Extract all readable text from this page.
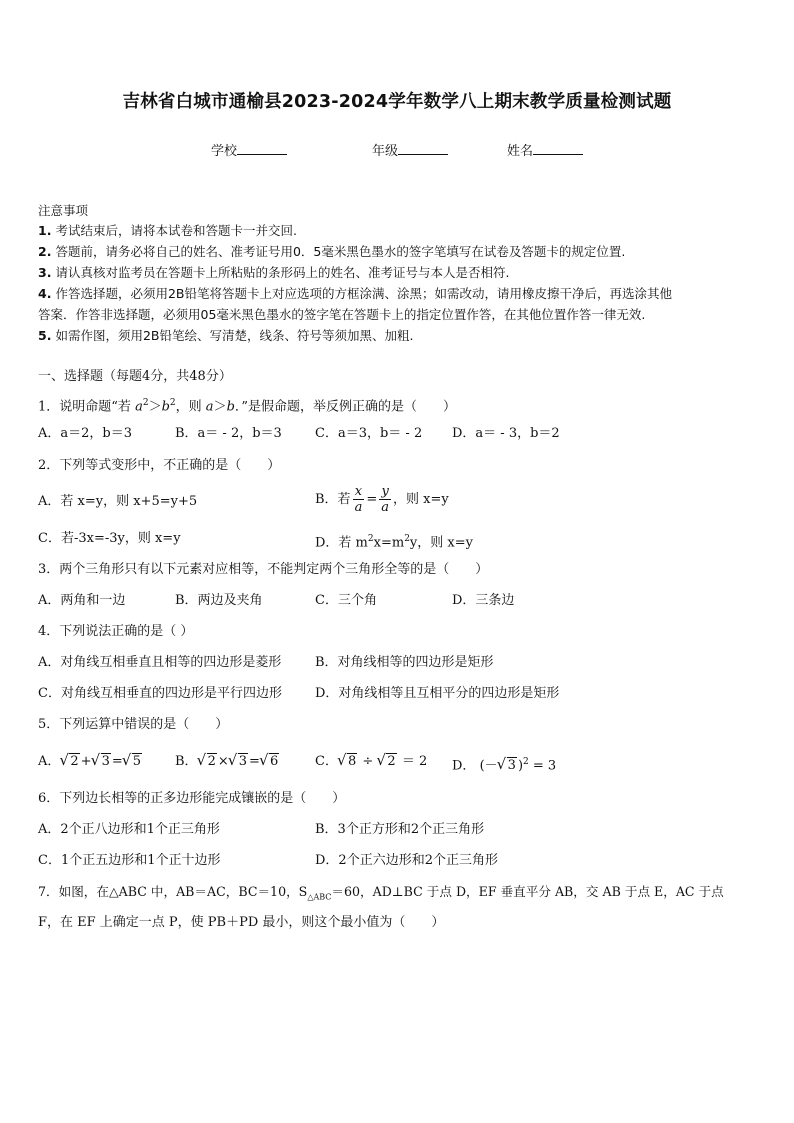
吉林省白城市通榆县2023-2024学年数学八上期末教学质量检测试题
学校	年级	姓名
注意事项
1. 考试结束后，请将本试卷和答题卡一并交回.
2. 答题前，请务必将自己的姓名、准考证号用0．5毫米黑色墨水的签字笔填写在试卷及答题卡的规定位置.
3. 请认真核对监考员在答题卡上所粘贴的条形码上的姓名、准考证号与本人是否相符.
4. 作答选择题，必须用2B铅笔将答题卡上对应选项的方框涂满、涂黑；如需改动，请用橡皮擦干净后，再选涂其他
答案．作答非选择题，必须用05毫米黑色墨水的签字笔在答题卡上的指定位置作答，在其他位置作答一律无效.
5. 如需作图，须用2B铅笔绘、写清楚，线条、符号等须加黑、加粗.
一、选择题（每题4分，共48分）
1．说明命题“若 $a^2>b^2$，则 a＞b．”是假命题，举反例正确的是（　　）
A．a＝2，b＝3	B．a＝ - 2，b＝3	C．a＝3，b＝ - 2 D．a＝ - 3，b＝2
2．下列等式变形中，不正确的是（　　）
A．若 x=y，则 x+5=y+5	B．若 $\frac{x}{a} = \frac{y}{a}$ ，则 x=y
C．若-3x=-3y，则 x=y	D．若 $m^2x=m^2y$，则 x=y
3．两个三角形只有以下元素对应相等，不能判定两个三角形全等的是（　　）
A．两角和一边	B．两边及夹角	C．三个角	D．三条边
4．下列说法正确的是（ ）
A．对角线互相垂直且相等的四边形是菱形	B．对角线相等的四边形是矩形
C．对角线互相垂直的四边形是平行四边形	D．对角线相等且互相平分的四边形是矩形
5．下列运算中错误的是（　　）
A． √ 2 + √ 3 = √ 5	B． √ 2 × √ 3 = √ 6	C． √ 8 ÷ √ 2 ＝ 2 D． (－ √ 3 )$^2$ = 3
6．下列边长相等的正多边形能完成镶嵌的是（　　）
A．2个正八边形和1个正三角形	B．3个正方形和2个正三角形
C．1个正五边形和1个正十边形	D．2个正六边形和2个正三角形
7．如图，在△ABC 中，AB＝AC，BC＝10，$S_{\triangle ABC}=60$，AD⊥BC 于点 D，EF 垂直平分 AB，交 AB 于点 E，AC 于点
F，在 EF 上确定一点 P，使 PB＋PD 最小，则这个最小值为（　　）
